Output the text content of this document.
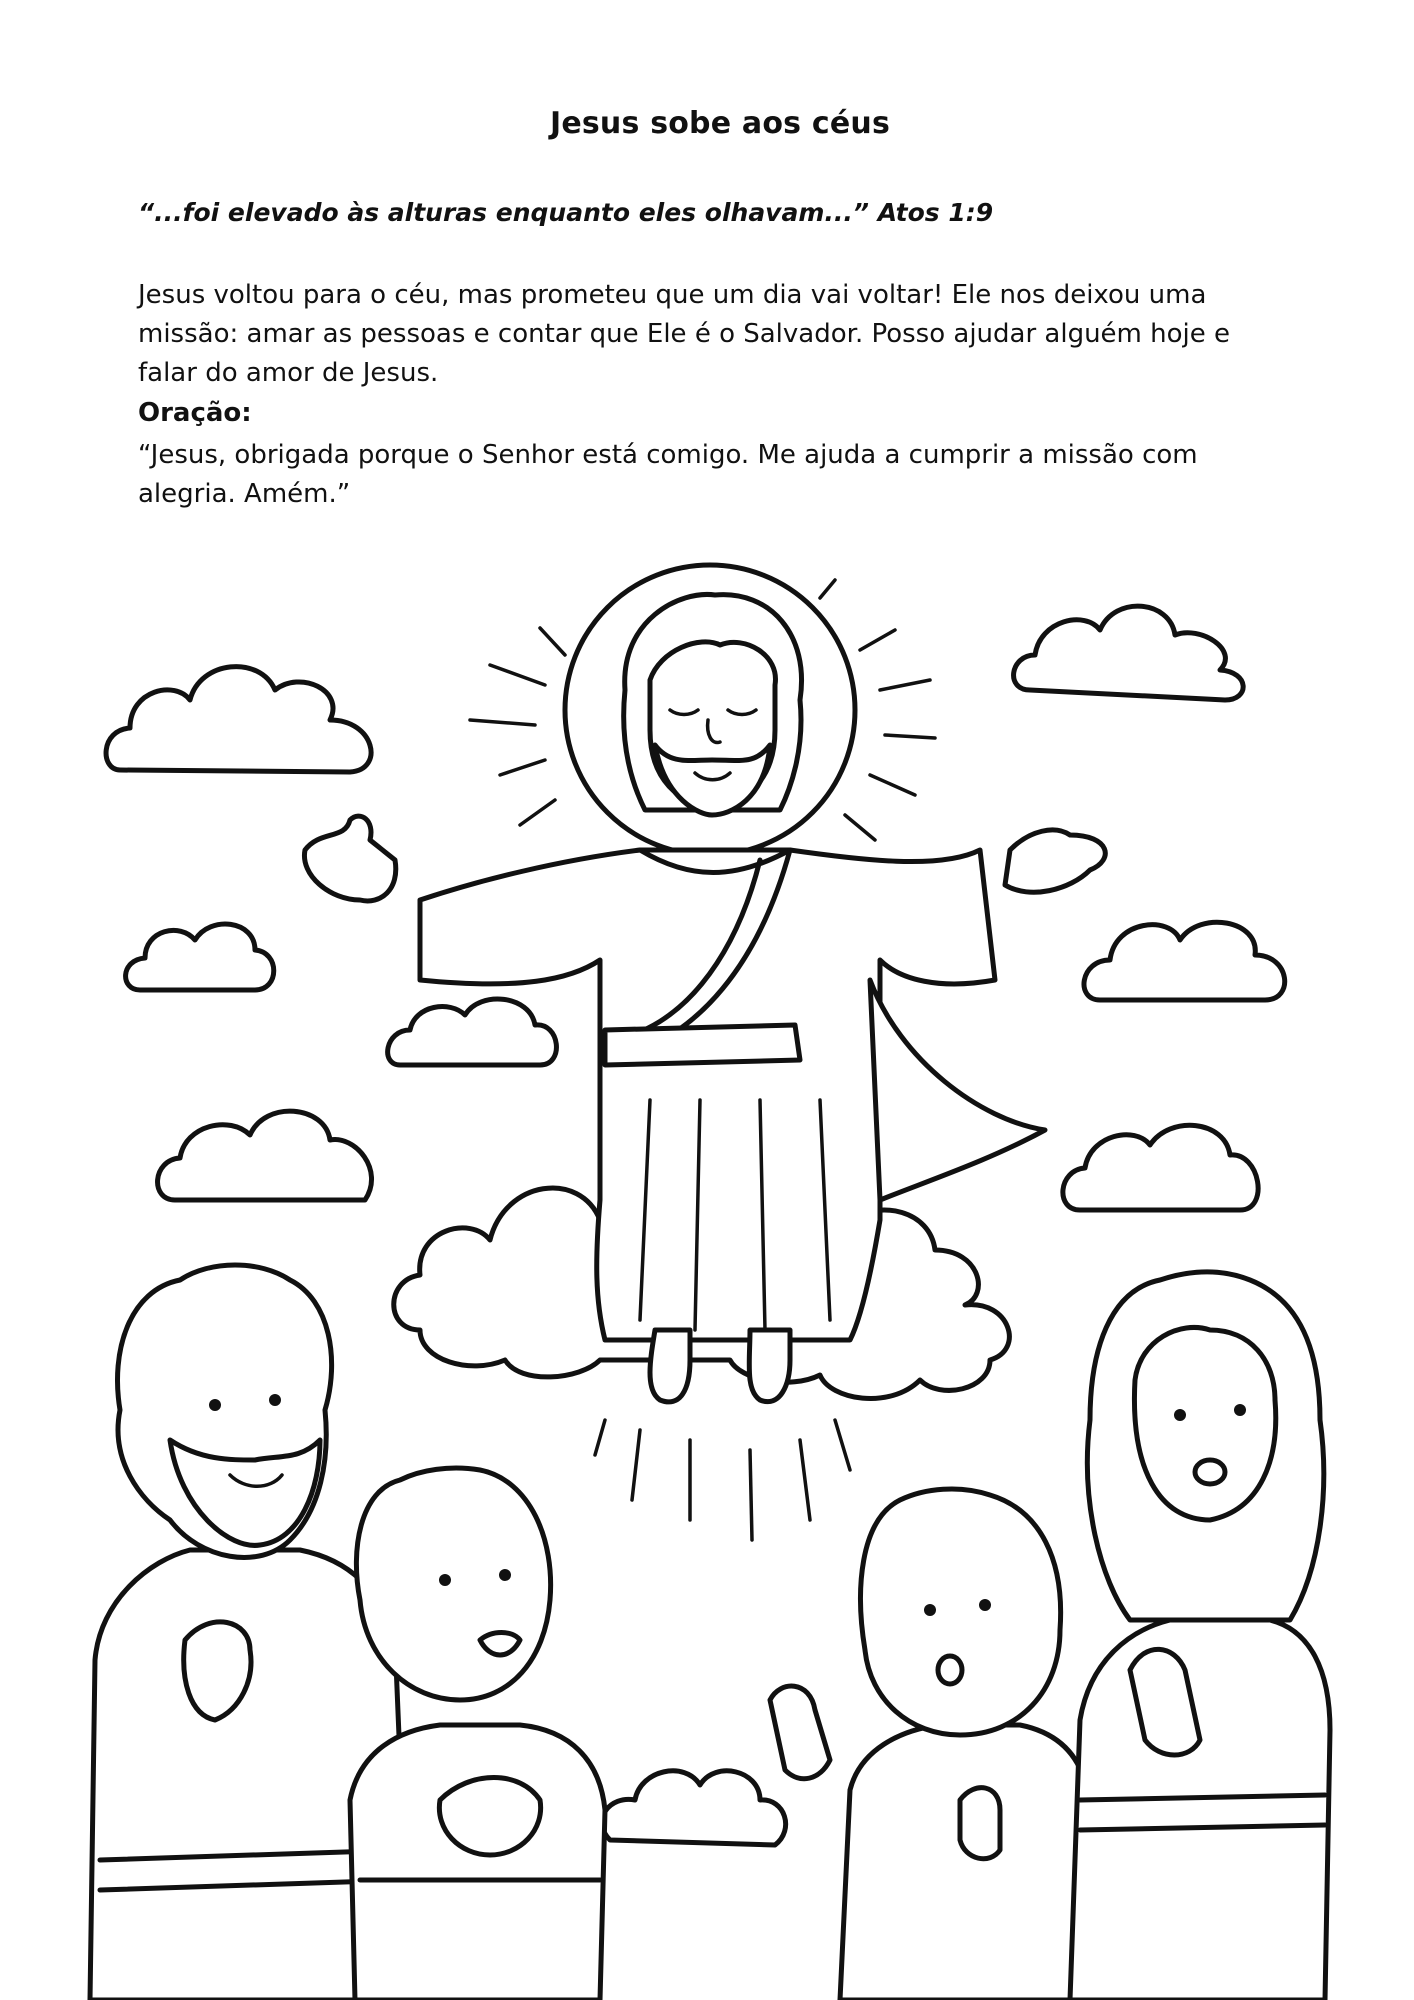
Jesus sobe aos céus
“...foi elevado às alturas enquanto eles olhavam...” Atos 1:9
Jesus voltou para o céu, mas prometeu que um dia vai voltar! Ele nos deixou uma
missão: amar as pessoas e contar que Ele é o Salvador. Posso ajudar alguém hoje e
falar do amor de Jesus.
Oração:
“Jesus, obrigada porque o Senhor está comigo. Me ajuda a cumprir a missão com
alegria. Amém.”
